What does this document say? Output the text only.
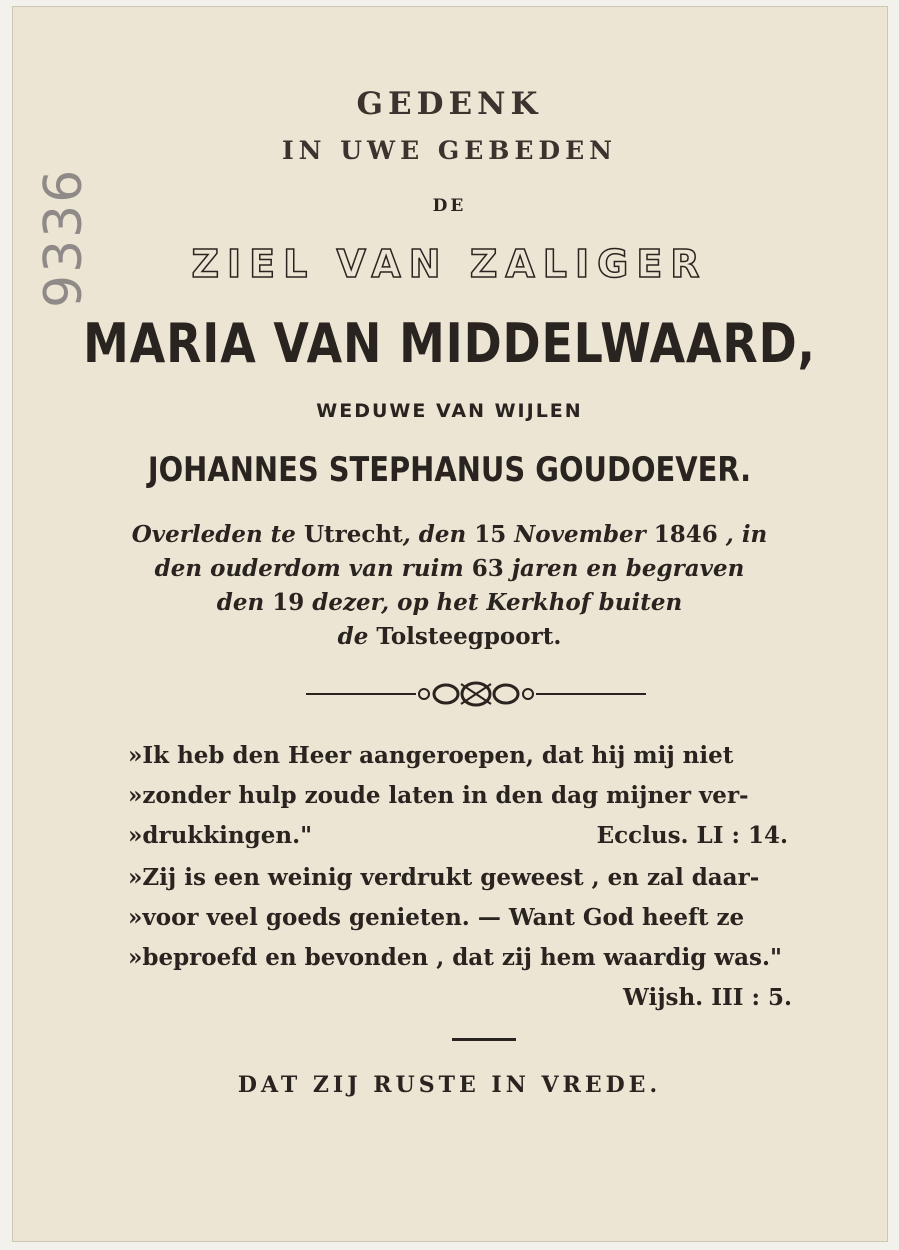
9336
GEDENK
IN UWE GEBEDEN
DE
ZIEL VAN ZALIGER
MARIA VAN MIDDELWAARD,
WEDUWE VAN WIJLEN
JOHANNES STEPHANUS GOUDOEVER.
Overleden te Utrecht, den 15 November 1846 , in
den ouderdom van ruim 63 jaren en begraven
den 19 dezer, op het Kerkhof buiten
de Tolsteegpoort.
»Ik heb den Heer aangeroepen, dat hij mij niet
»zonder hulp zoude laten in den dag mijner ver-
»drukkingen."	Ecclus. LI : 14.
»Zij is een weinig verdrukt geweest , en zal daar-
»voor veel goeds genieten. — Want God heeft ze
»beproefd en bevonden , dat zij hem waardig was."
Wijsh. III : 5.
DAT ZIJ RUSTE IN VREDE.
